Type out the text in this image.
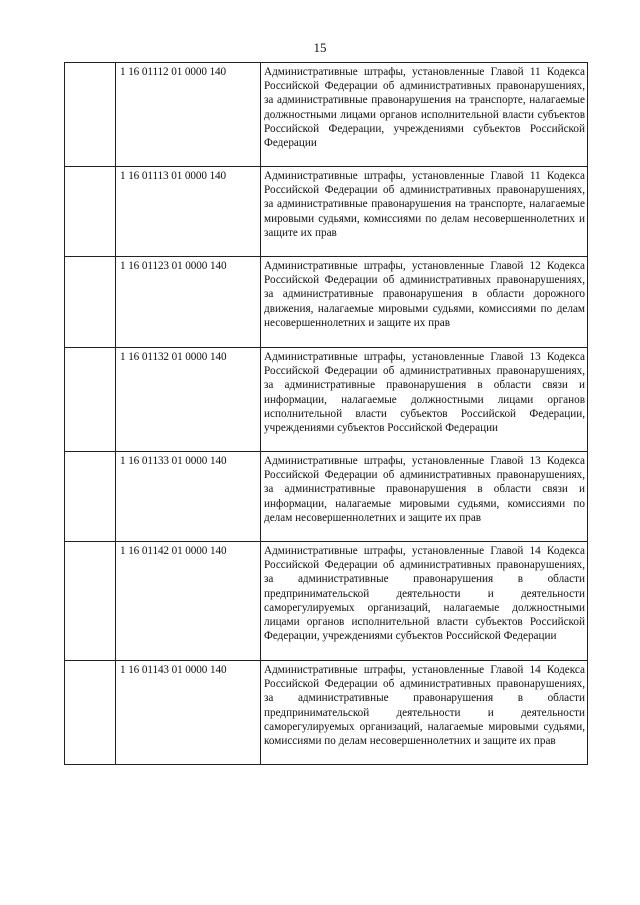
15
	1 16 01112 01 0000 140	Административные штрафы, установленные Главой 11 Кодекса Российской Федерации об административных правонарушениях, за административные правонарушения на транспорте, налагаемые должностными лицами органов исполнительной власти субъектов Российской Федерации, учреждениями субъектов Российской Федерации
	1 16 01113 01 0000 140	Административные штрафы, установленные Главой 11 Кодекса Российской Федерации об административных правонарушениях, за административные правонарушения на транспорте, налагаемые мировыми судьями, комиссиями по делам несовершеннолетних и защите их прав
	1 16 01123 01 0000 140	Административные штрафы, установленные Главой 12 Кодекса Российской Федерации об административных правонарушениях, за административные правонарушения в области дорожного движения, налагаемые мировыми судьями, комиссиями по делам несовершеннолетних и защите их прав
	1 16 01132 01 0000 140	Административные штрафы, установленные Главой 13 Кодекса Российской Федерации об административных правонарушениях, за административные правонарушения в области связи и информации, налагаемые должностными лицами органов исполнительной власти субъектов Российской Федерации, учреждениями субъектов Российской Федерации
	1 16 01133 01 0000 140	Административные штрафы, установленные Главой 13 Кодекса Российской Федерации об административных правонарушениях, за административные правонарушения в области связи и информации, налагаемые мировыми судьями, комиссиями по делам несовершеннолетних и защите их прав
	1 16 01142 01 0000 140	Административные штрафы, установленные Главой 14 Кодекса Российской Федерации об административных правонарушениях, за административные правонарушения в области предпринимательской деятельности и деятельности саморегулируемых организаций, налагаемые должностными лицами органов исполнительной власти субъектов Российской Федерации, учреждениями субъектов Российской Федерации
	1 16 01143 01 0000 140	Административные штрафы, установленные Главой 14 Кодекса Российской Федерации об административных правонарушениях, за административные правонарушения в области предпринимательской деятельности и деятельности саморегулируемых организаций, налагаемые мировыми судьями, комиссиями по делам несовершеннолетних и защите их прав
